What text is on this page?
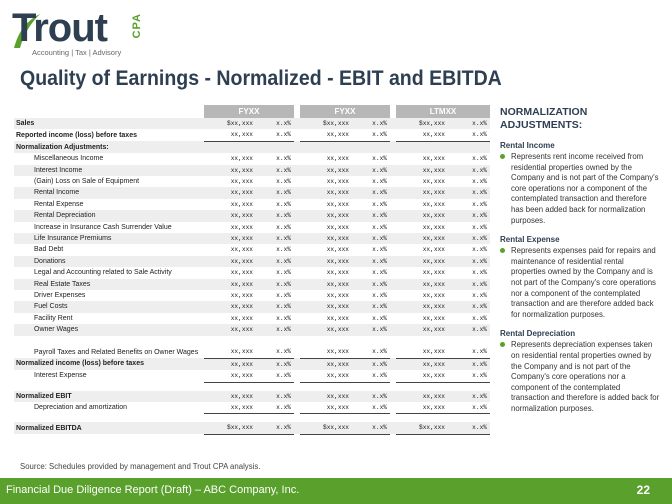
Trout CPA
Accounting | Tax | Advisory
Quality of Earnings - Normalized - EBIT and EBITDA
	FYXX			FYXX			LTMXX	
Sales	$xx,xxx	x.x%		$xx,xxx	x.x%		$xx,xxx	x.x%
Reported income (loss) before taxes	xx,xxx	x.x%		xx,xxx	x.x%		xx,xxx	x.x%
Normalization Adjustments:								
Miscellaneous Income	xx,xxx	x.x%		xx,xxx	x.x%		xx,xxx	x.x%
Interest Income	xx,xxx	x.x%		xx,xxx	x.x%		xx,xxx	x.x%
(Gain) Loss on Sale of Equipment	xx,xxx	x.x%		xx,xxx	x.x%		xx,xxx	x.x%
Rental Income	xx,xxx	x.x%		xx,xxx	x.x%		xx,xxx	x.x%
Rental Expense	xx,xxx	x.x%		xx,xxx	x.x%		xx,xxx	x.x%
Rental Depreciation	xx,xxx	x.x%		xx,xxx	x.x%		xx,xxx	x.x%
Increase in Insurance Cash Surrender Value	xx,xxx	x.x%		xx,xxx	x.x%		xx,xxx	x.x%
Life Insurance Premiums	xx,xxx	x.x%		xx,xxx	x.x%		xx,xxx	x.x%
Bad Debt	xx,xxx	x.x%		xx,xxx	x.x%		xx,xxx	x.x%
Donations	xx,xxx	x.x%		xx,xxx	x.x%		xx,xxx	x.x%
Legal and Accounting related to Sale Activity	xx,xxx	x.x%		xx,xxx	x.x%		xx,xxx	x.x%
Real Estate Taxes	xx,xxx	x.x%		xx,xxx	x.x%		xx,xxx	x.x%
Driver Expenses	xx,xxx	x.x%		xx,xxx	x.x%		xx,xxx	x.x%
Fuel Costs	xx,xxx	x.x%		xx,xxx	x.x%		xx,xxx	x.x%
Facility Rent	xx,xxx	x.x%		xx,xxx	x.x%		xx,xxx	x.x%
Owner Wages	xx,xxx	x.x%		xx,xxx	x.x%		xx,xxx	x.x%
Payroll Taxes and Related Benefits on Owner Wages	xx,xxx	x.x%		xx,xxx	x.x%		xx,xxx	x.x%
Normalized income (loss) before taxes	xx,xxx	x.x%		xx,xxx	x.x%		xx,xxx	x.x%
Interest Expense	xx,xxx	x.x%		xx,xxx	x.x%		xx,xxx	x.x%

Normalized EBIT	xx,xxx	x.x%		xx,xxx	x.x%		xx,xxx	x.x%
Depreciation and amortization	xx,xxx	x.x%		xx,xxx	x.x%		xx,xxx	x.x%

Normalized EBITDA	$xx,xxx	x.x%		$xx,xxx	x.x%		$xx,xxx	x.x%
NORMALIZATION ADJUSTMENTS:
Rental Income
Represents rent income received from residential properties owned by the Company and is not part of the Company's core operations nor a component of the contemplated transaction and therefore has been added back for normalization purposes.
Rental Expense
Represents expenses paid for repairs and maintenance of residential rental properties owned by the Company and is not part of the Company's core operations nor a component of the contemplated transaction and are therefore added back for normalization purposes.
Rental Depreciation
Represents depreciation expenses taken on residential rental properties owned by the Company and is not part of the Company's core operations nor a component of the contemplated transaction and therefore is added back for normalization purposes.
Source: Schedules provided by management and Trout CPA analysis.
Financial Due Diligence Report (Draft) – ABC Company, Inc.	22
